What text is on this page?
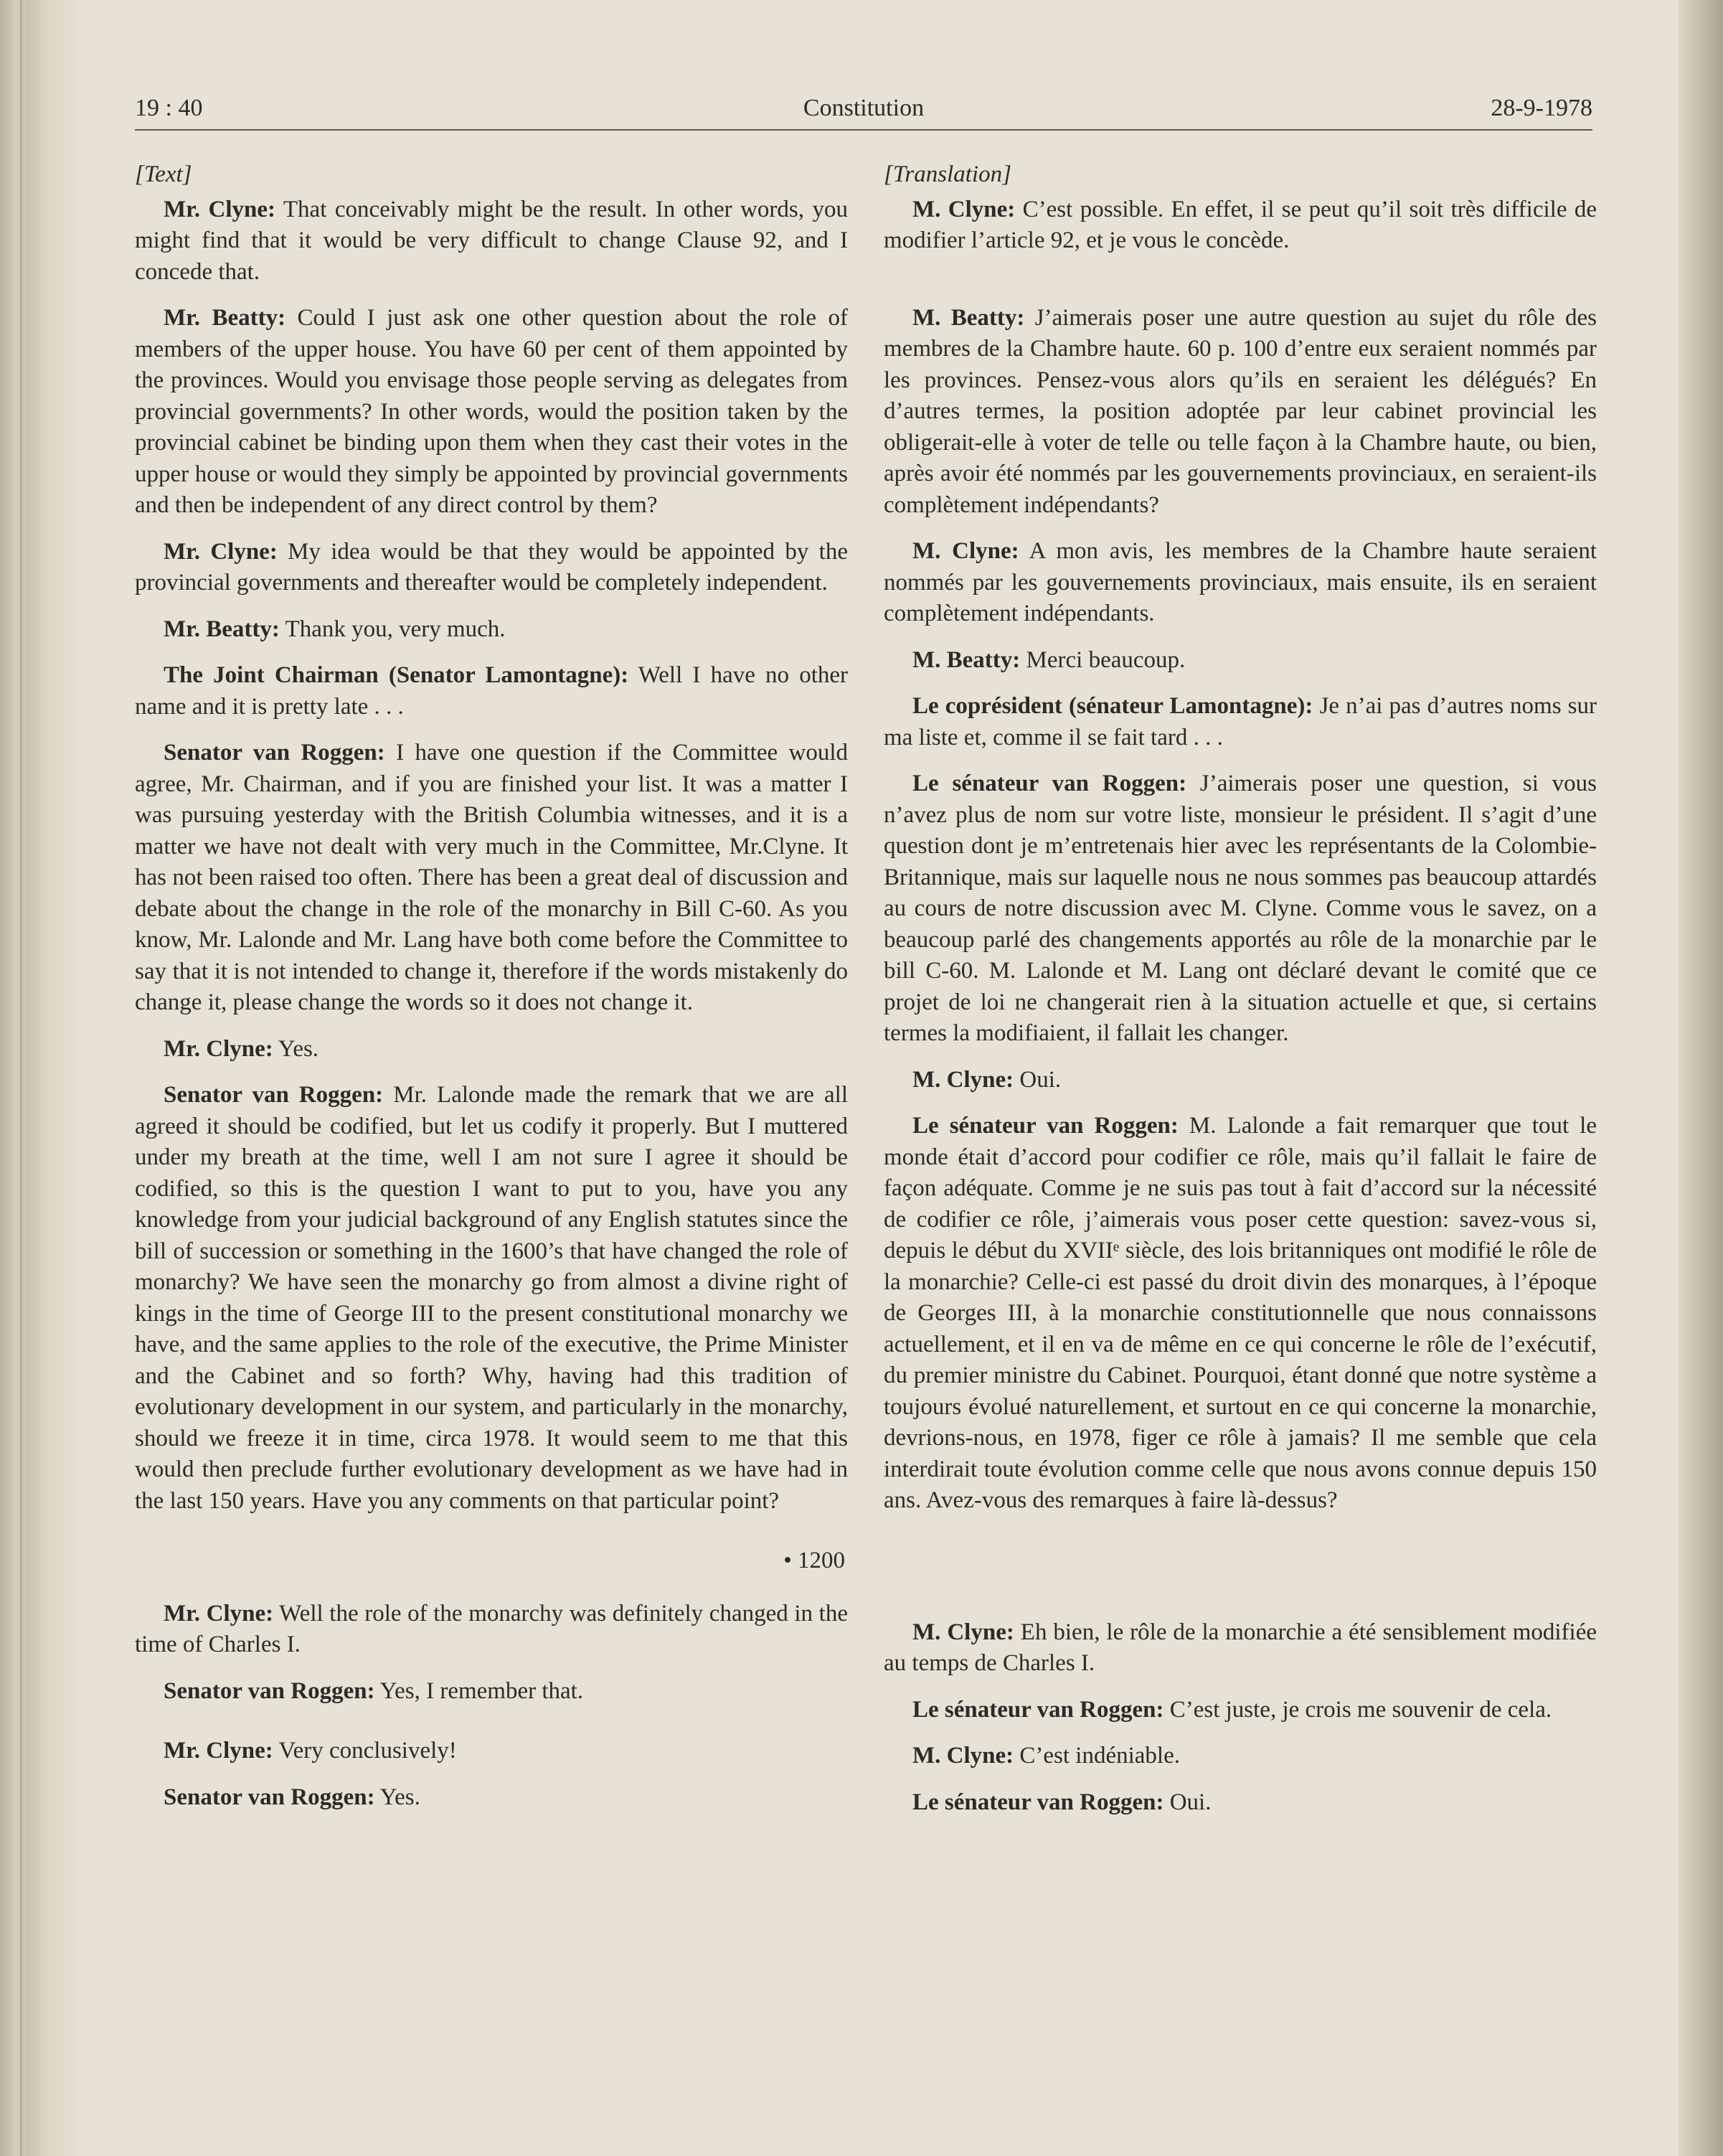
19 : 40	Constitution	28-9-1978
[Text]

Mr. Clyne: That conceivably might be the result. In other words, you might find that it would be very difficult to change Clause 92, and I concede that.

Mr. Beatty: Could I just ask one other question about the role of members of the upper house. You have 60 per cent of them appointed by the provinces. Would you envisage those people serving as delegates from provincial governments? In other words, would the position taken by the provincial cabinet be binding upon them when they cast their votes in the upper house or would they simply be appointed by provincial governments and then be independent of any direct control by them?

Mr. Clyne: My idea would be that they would be appointed by the provincial governments and thereafter would be completely independent.

Mr. Beatty: Thank you, very much.

The Joint Chairman (Senator Lamontagne): Well I have no other name and it is pretty late . . .

Senator van Roggen: I have one question if the Committee would agree, Mr. Chairman, and if you are finished your list. It was a matter I was pursuing yesterday with the British Columbia witnesses, and it is a matter we have not dealt with very much in the Committee, Mr.Clyne. It has not been raised too often. There has been a great deal of discussion and debate about the change in the role of the monarchy in Bill C-60. As you know, Mr. Lalonde and Mr. Lang have both come before the Committee to say that it is not intended to change it, therefore if the words mistakenly do change it, please change the words so it does not change it.

Mr. Clyne: Yes.

Senator van Roggen: Mr. Lalonde made the remark that we are all agreed it should be codified, but let us codify it properly. But I muttered under my breath at the time, well I am not sure I agree it should be codified, so this is the question I want to put to you, have you any knowledge from your judicial background of any English statutes since the bill of succession or something in the 1600’s that have changed the role of monarchy? We have seen the monarchy go from almost a divine right of kings in the time of George III to the present constitutional monarchy we have, and the same applies to the role of the executive, the Prime Minister and the Cabinet and so forth? Why, having had this tradition of evolutionary development in our system, and particularly in the monarchy, should we freeze it in time, circa 1978. It would seem to me that this would then preclude further evolutionary development as we have had in the last 150 years. Have you any comments on that particular point?

• 1200

Mr. Clyne: Well the role of the monarchy was definitely changed in the time of Charles I.

Senator van Roggen: Yes, I remember that.

Mr. Clyne: Very conclusively!

Senator van Roggen: Yes.

[Translation]

M. Clyne: C’est possible. En effet, il se peut qu’il soit très difficile de modifier l’article 92, et je vous le concède.

M. Beatty: J’aimerais poser une autre question au sujet du rôle des membres de la Chambre haute. 60 p. 100 d’entre eux seraient nommés par les provinces. Pensez-vous alors qu’ils en seraient les délégués? En d’autres termes, la position adoptée par leur cabinet provincial les obligerait-elle à voter de telle ou telle façon à la Chambre haute, ou bien, après avoir été nommés par les gouvernements provinciaux, en seraient-ils complètement indépendants?

M. Clyne: A mon avis, les membres de la Chambre haute seraient nommés par les gouvernements provinciaux, mais ensuite, ils en seraient complètement indépendants.

M. Beatty: Merci beaucoup.

Le coprésident (sénateur Lamontagne): Je n’ai pas d’autres noms sur ma liste et, comme il se fait tard . . .

Le sénateur van Roggen: J’aimerais poser une question, si vous n’avez plus de nom sur votre liste, monsieur le président. Il s’agit d’une question dont je m’entretenais hier avec les représentants de la Colombie-Britannique, mais sur laquelle nous ne nous sommes pas beaucoup attardés au cours de notre discussion avec M. Clyne. Comme vous le savez, on a beaucoup parlé des changements apportés au rôle de la monarchie par le bill C-60. M. Lalonde et M. Lang ont déclaré devant le comité que ce projet de loi ne changerait rien à la situation actuelle et que, si certains termes la modifiaient, il fallait les changer.

M. Clyne: Oui.

Le sénateur van Roggen: M. Lalonde a fait remarquer que tout le monde était d’accord pour codifier ce rôle, mais qu’il fallait le faire de façon adéquate. Comme je ne suis pas tout à fait d’accord sur la nécessité de codifier ce rôle, j’aimerais vous poser cette question: savez-vous si, depuis le début du XVIIᵉ siècle, des lois britanniques ont modifié le rôle de la monarchie? Celle-ci est passé du droit divin des monarques, à l’époque de Georges III, à la monarchie constitutionnelle que nous connaissons actuellement, et il en va de même en ce qui concerne le rôle de l’exécutif, du premier ministre du Cabinet. Pourquoi, étant donné que notre système a toujours évolué naturellement, et surtout en ce qui concerne la monarchie, devrions-nous, en 1978, figer ce rôle à jamais? Il me semble que cela interdirait toute évolution comme celle que nous avons connue depuis 150 ans. Avez-vous des remarques à faire là-dessus?

M. Clyne: Eh bien, le rôle de la monarchie a été sensiblement modifiée au temps de Charles I.

Le sénateur van Roggen: C’est juste, je crois me souvenir de cela.

M. Clyne: C’est indéniable.

Le sénateur van Roggen: Oui.
